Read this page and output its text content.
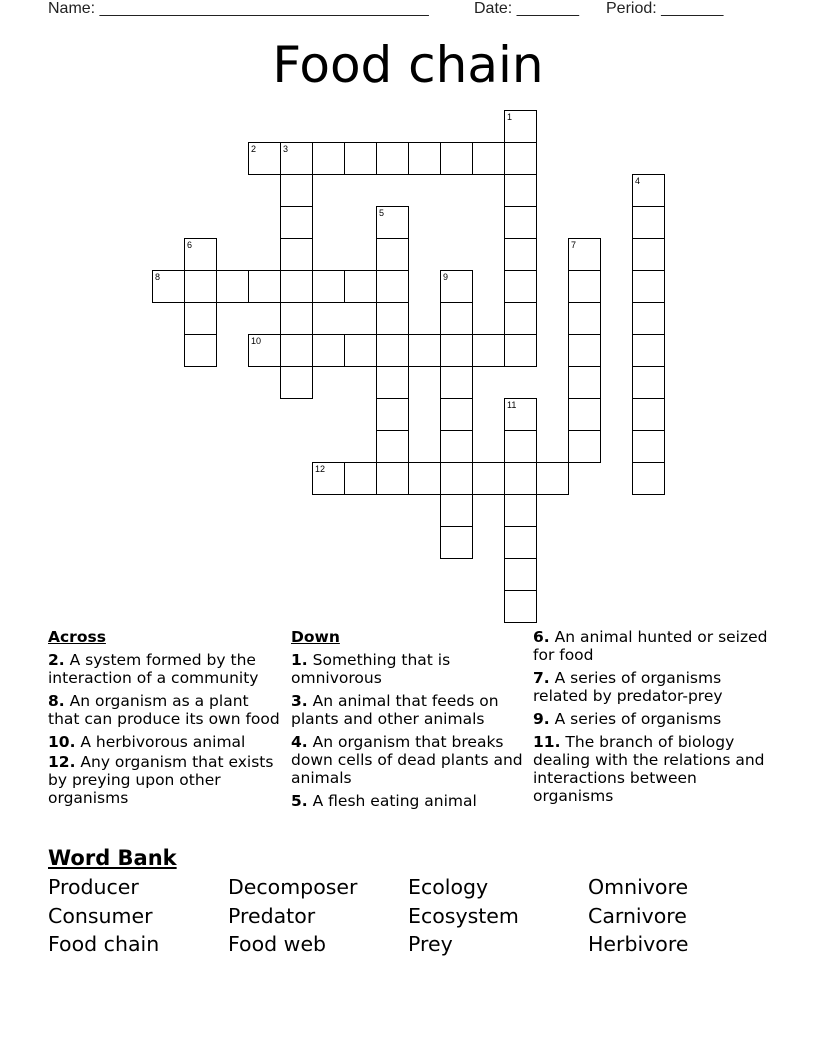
Name: _____________________________________	Date: _______ Period: _______
Food chain
1
2	3
4
5
6	7
8	9
10
11
12
Across
2. A system formed by the interaction of a community
8. An organism as a plant that can produce its own food
10. A herbivorous animal
12. Any organism that exists by preying upon other organisms
Down
1. Something that is omnivorous
3. An animal that feeds on plants and other animals
4. An organism that breaks down cells of dead plants and animals
5. A flesh eating animal
6. An animal hunted or seized for food
7. A series of organisms related by predator-prey
9. A series of organisms
11. The branch of biology dealing with the relations and interactions between organisms
Word Bank
Producer	Decomposer Ecology	Omnivore
Consumer	Predator	Ecosystem	Carnivore
Food chain	Food web	Prey	Herbivore
